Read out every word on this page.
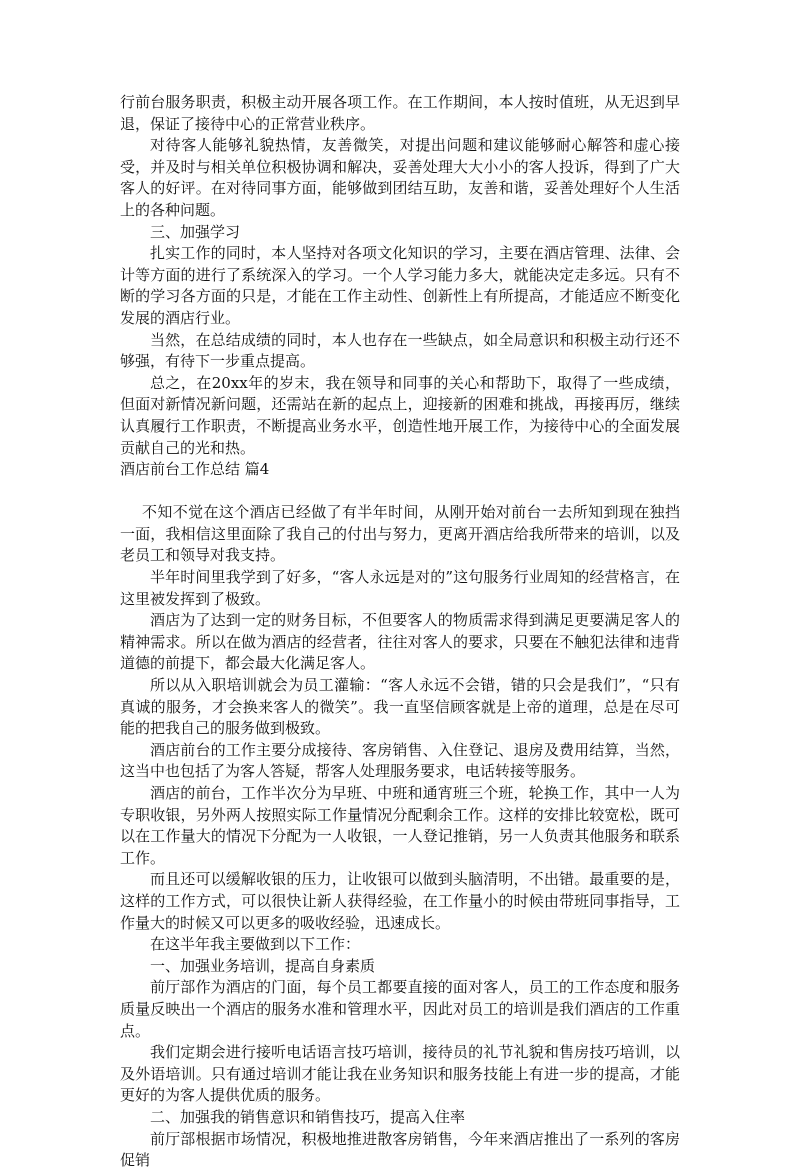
行前台服务职责，积极主动开展各项工作。在工作期间，本人按时值班，从无迟到早退，保证了接待中心的正常营业秩序。

对待客人能够礼貌热情，友善微笑，对提出问题和建议能够耐心解答和虚心接受，并及时与相关单位积极协调和解决，妥善处理大大小小的客人投诉，得到了广大客人的好评。在对待同事方面，能够做到团结互助，友善和谐，妥善处理好个人生活上的各种问题。

三、加强学习

扎实工作的同时，本人坚持对各项文化知识的学习，主要在酒店管理、法律、会计等方面的进行了系统深入的学习。一个人学习能力多大，就能决定走多远。只有不断的学习各方面的只是，才能在工作主动性、创新性上有所提高，才能适应不断变化发展的酒店行业。

当然，在总结成绩的同时，本人也存在一些缺点，如全局意识和积极主动行还不够强，有待下一步重点提高。

总之，在20xx年的岁末，我在领导和同事的关心和帮助下，取得了一些成绩，但面对新情况新问题，还需站在新的起点上，迎接新的困难和挑战，再接再厉，继续认真履行工作职责，不断提高业务水平，创造性地开展工作，为接待中心的全面发展贡献自己的光和热。

酒店前台工作总结 篇4

不知不觉在这个酒店已经做了有半年时间，从刚开始对前台一去所知到现在独挡一面，我相信这里面除了我自己的付出与努力，更离开酒店给我所带来的培训，以及老员工和领导对我支持。

半年时间里我学到了好多，“客人永远是对的”这句服务行业周知的经营格言，在这里被发挥到了极致。

酒店为了达到一定的财务目标，不但要客人的物质需求得到满足更要满足客人的精神需求。所以在做为酒店的经营者，往往对客人的要求，只要在不触犯法律和违背道德的前提下，都会最大化满足客人。

所以从入职培训就会为员工灌输：“客人永远不会错，错的只会是我们”，“只有真诚的服务，才会换来客人的微笑”。我一直坚信顾客就是上帝的道理，总是在尽可能的把我自己的服务做到极致。

酒店前台的工作主要分成接待、客房销售、入住登记、退房及费用结算，当然，这当中也包括了为客人答疑，帮客人处理服务要求，电话转接等服务。

酒店的前台，工作半次分为早班、中班和通宵班三个班，轮换工作，其中一人为专职收银，另外两人按照实际工作量情况分配剩余工作。这样的安排比较宽松，既可以在工作量大的情况下分配为一人收银，一人登记推销，另一人负责其他服务和联系工作。

而且还可以缓解收银的压力，让收银可以做到头脑清明，不出错。最重要的是，这样的工作方式，可以很快让新人获得经验，在工作量小的时候由带班同事指导，工作量大的时候又可以更多的吸收经验，迅速成长。

在这半年我主要做到以下工作：

一、加强业务培训，提高自身素质

前厅部作为酒店的门面，每个员工都要直接的面对客人，员工的工作态度和服务质量反映出一个酒店的服务水准和管理水平，因此对员工的培训是我们酒店的工作重点。

我们定期会进行接听电话语言技巧培训，接待员的礼节礼貌和售房技巧培训，以及外语培训。只有通过培训才能让我在业务知识和服务技能上有进一步的提高，才能更好的为客人提供优质的服务。

二、加强我的销售意识和销售技巧，提高入住率

前厅部根据市场情况，积极地推进散客房销售，今年来酒店推出了一系列的客房促销
